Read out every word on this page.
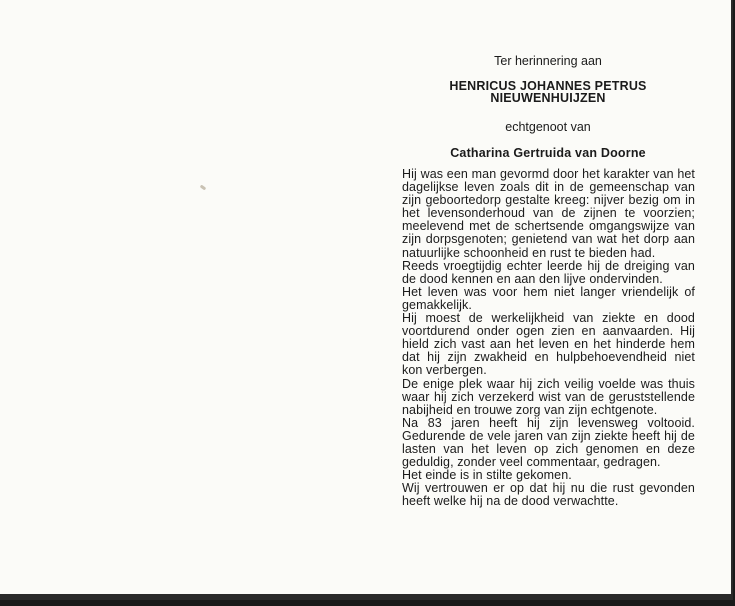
Ter herinnering aan
HENRICUS JOHANNES PETRUS
NIEUWENHUIJZEN
echtgenoot van
Catharina Gertruida van Doorne
Hij was een man gevormd door het karakter van het dagelijkse leven zoals dit in de gemeenschap van zijn geboortedorp gestalte kreeg: nijver bezig om in het levensonderhoud van de zijnen te voorzien; meelevend met de schertsende omgangswijze van zijn dorpsgenoten; genietend van wat het dorp aan natuurlijke schoonheid en rust te bieden had.
Reeds vroegtijdig echter leerde hij de dreiging van de dood kennen en aan den lijve ondervinden.
Het leven was voor hem niet langer vriendelijk of gemakkelijk.
Hij moest de werkelijkheid van ziekte en dood voortdurend onder ogen zien en aanvaarden. Hij hield zich vast aan het leven en het hinderde hem dat hij zijn zwakheid en hulpbehoevendheid niet kon verbergen.
De enige plek waar hij zich veilig voelde was thuis waar hij zich verzekerd wist van de geruststellende nabijheid en trouwe zorg van zijn echtgenote.
Na 83 jaren heeft hij zijn levensweg voltooid. Gedurende de vele jaren van zijn ziekte heeft hij de lasten van het leven op zich genomen en deze geduldig, zonder veel commentaar, gedragen.
Het einde is in stilte gekomen.
Wij vertrouwen er op dat hij nu die rust gevonden heeft welke hij na de dood verwachtte.
